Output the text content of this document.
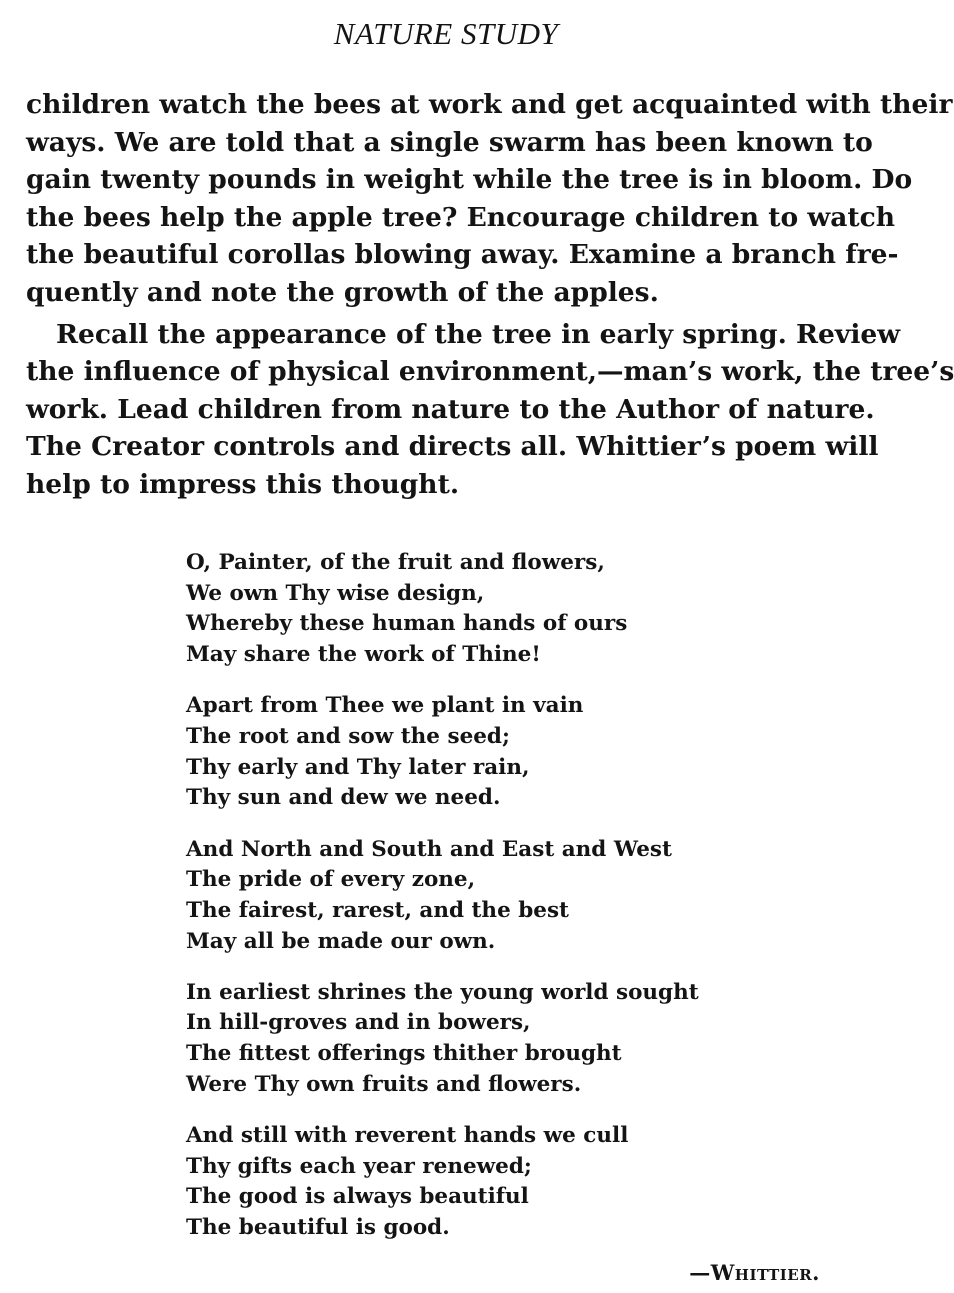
NATURE STUDY
children watch the bees at work and get acquainted with their
ways. We are told that a single swarm has been known to
gain twenty pounds in weight while the tree is in bloom. Do
the bees help the apple tree? Encourage children to watch
the beautiful corollas blowing away. Examine a branch fre-
quently and note the growth of the apples.
Recall the appearance of the tree in early spring. Review
the influence of physical environment,—man’s work, the tree’s
work. Lead children from nature to the Author of nature.
The Creator controls and directs all. Whittier’s poem will
help to impress this thought.
O, Painter, of the fruit and flowers,
We own Thy wise design,
Whereby these human hands of ours
May share the work of Thine!
Apart from Thee we plant in vain
The root and sow the seed;
Thy early and Thy later rain,
Thy sun and dew we need.
And North and South and East and West
The pride of every zone,
The fairest, rarest, and the best
May all be made our own.
In earliest shrines the young world sought
In hill-groves and in bowers,
The fittest offerings thither brought
Were Thy own fruits and flowers.
And still with reverent hands we cull
Thy gifts each year renewed;
The good is always beautiful
The beautiful is good.
—Whittier.
